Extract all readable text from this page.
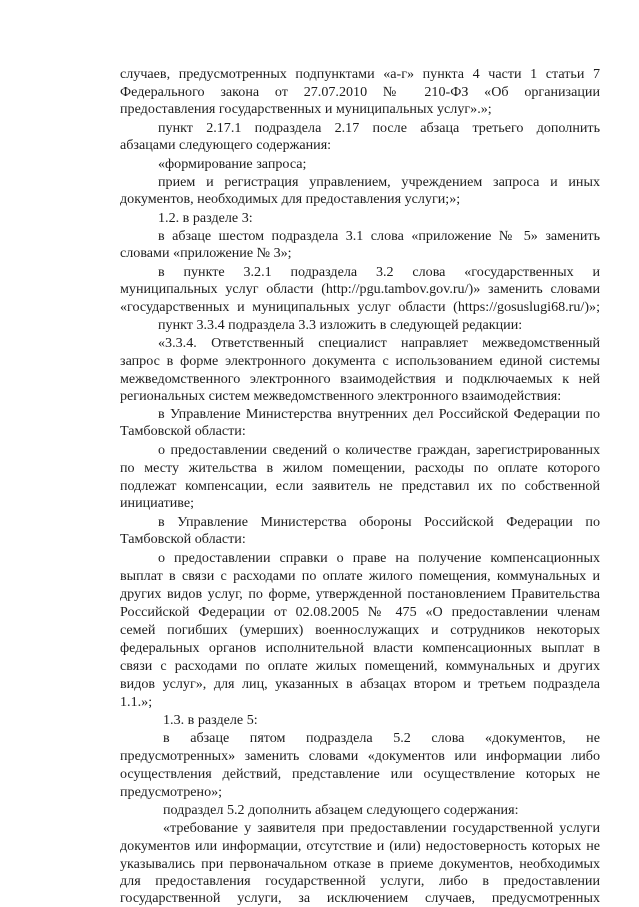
случаев, предусмотренных подпунктами «а-г» пункта 4 части 1 статьи 7
Федерального закона от 27.07.2010 № 210-ФЗ «Об организации
предоставления государственных и муниципальных услуг».»;
пункт 2.17.1 подраздела 2.17 после абзаца третьего дополнить
абзацами следующего содержания:
«формирование запроса;
прием и регистрация управлением, учреждением запроса и иных
документов, необходимых для предоставления услуги;»;
1.2. в разделе 3:
в абзаце шестом подраздела 3.1 слова «приложение № 5» заменить
словами «приложение № 3»;
в пункте 3.2.1 подраздела 3.2 слова «государственных и
муниципальных услуг области (http://pgu.tambov.gov.ru/)» заменить словами
«государственных и муниципальных услуг области (https://gosuslugi68.ru/)»;
пункт 3.3.4 подраздела 3.3 изложить в следующей редакции:
«3.3.4. Ответственный специалист направляет межведомственный
запрос в форме электронного документа с использованием единой системы
межведомственного электронного взаимодействия и подключаемых к ней
региональных систем межведомственного электронного взаимодействия:
в Управление Министерства внутренних дел Российской Федерации по
Тамбовской области:
о предоставлении сведений о количестве граждан, зарегистрированных
по месту жительства в жилом помещении, расходы по оплате которого
подлежат компенсации, если заявитель не представил их по собственной
инициативе;
в Управление Министерства обороны Российской Федерации по
Тамбовской области:
о предоставлении справки о праве на получение компенсационных
выплат в связи с расходами по оплате жилого помещения, коммунальных и
других видов услуг, по форме, утвержденной постановлением Правительства
Российской Федерации от 02.08.2005 № 475 «О предоставлении членам
семей погибших (умерших) военнослужащих и сотрудников некоторых
федеральных органов исполнительной власти компенсационных выплат в
связи с расходами по оплате жилых помещений, коммунальных и других
видов услуг», для лиц, указанных в абзацах втором и третьем подраздела
1.1.»;
1.3. в разделе 5:
в абзаце пятом подраздела 5.2 слова «документов, не
предусмотренных» заменить словами «документов или информации либо
осуществления действий, представление или осуществление которых не
предусмотрено»;
подраздел 5.2 дополнить абзацем следующего содержания:
«требование у заявителя при предоставлении государственной услуги
документов или информации, отсутствие и (или) недостоверность которых не
указывались при первоначальном отказе в приеме документов, необходимых
для предоставления государственной услуги, либо в предоставлении
государственной услуги, за исключением случаев, предусмотренных
